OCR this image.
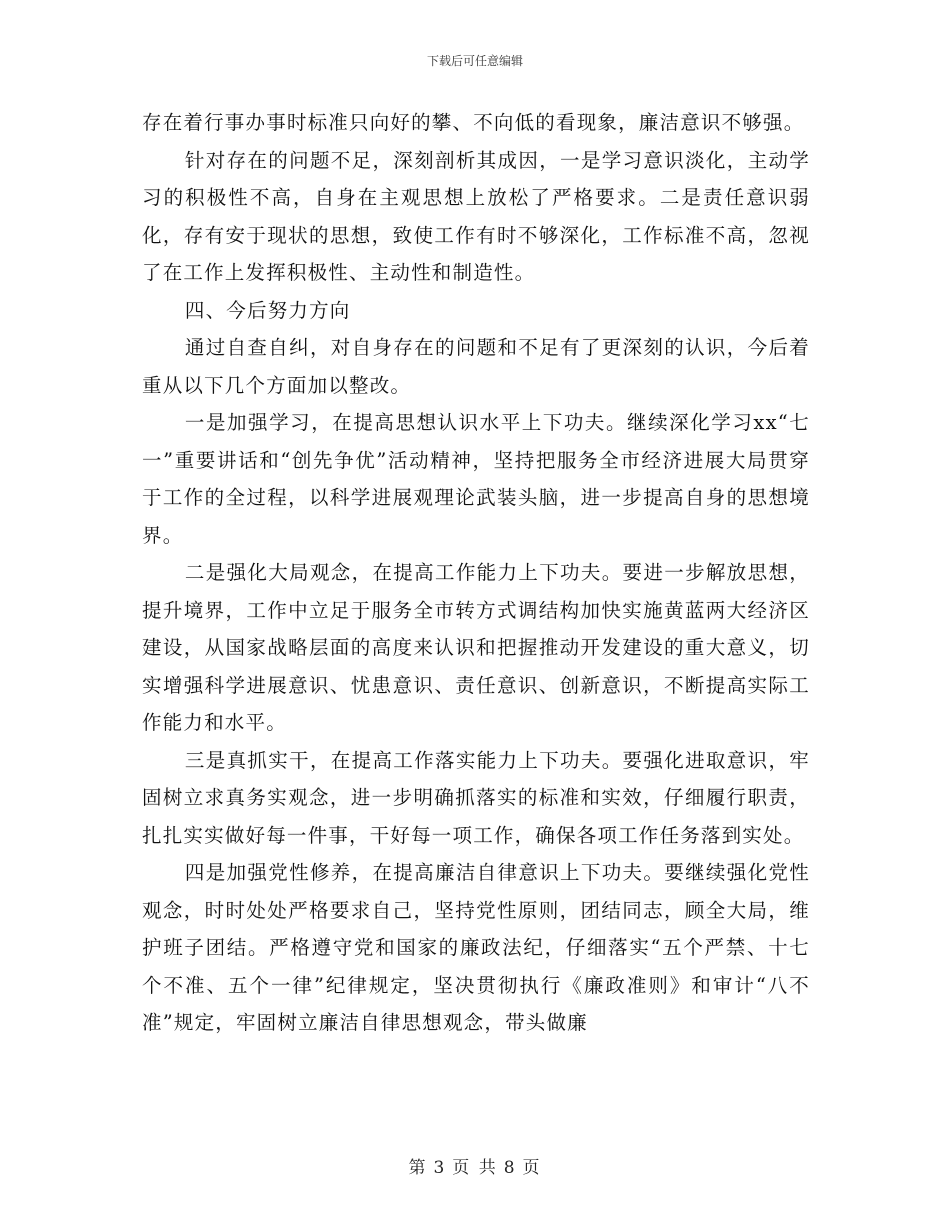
下载后可任意编辑

存在着行事办事时标准只向好的攀、不向低的看现象，廉洁意识不够强。

针对存在的问题不足，深刻剖析其成因，一是学习意识淡化，主动学习的积极性不高，自身在主观思想上放松了严格要求。二是责任意识弱化，存有安于现状的思想，致使工作有时不够深化，工作标准不高，忽视了在工作上发挥积极性、主动性和制造性。

四、今后努力方向

通过自查自纠，对自身存在的问题和不足有了更深刻的认识，今后着重从以下几个方面加以整改。

一是加强学习，在提高思想认识水平上下功夫。继续深化学习xx“七一”重要讲话和“创先争优”活动精神，坚持把服务全市经济进展大局贯穿于工作的全过程，以科学进展观理论武装头脑，进一步提高自身的思想境界。

二是强化大局观念，在提高工作能力上下功夫。要进一步解放思想，提升境界，工作中立足于服务全市转方式调结构加快实施黄蓝两大经济区建设，从国家战略层面的高度来认识和把握推动开发建设的重大意义，切实增强科学进展意识、忧患意识、责任意识、创新意识，不断提高实际工作能力和水平。

三是真抓实干，在提高工作落实能力上下功夫。要强化进取意识，牢固树立求真务实观念，进一步明确抓落实的标准和实效，仔细履行职责，扎扎实实做好每一件事，干好每一项工作，确保各项工作任务落到实处。

四是加强党性修养，在提高廉洁自律意识上下功夫。要继续强化党性观念，时时处处严格要求自己，坚持党性原则，团结同志，顾全大局，维护班子团结。严格遵守党和国家的廉政法纪，仔细落实“五个严禁、十七个不准、五个一律”纪律规定，坚决贯彻执行《廉政准则》和审计“八不准”规定，牢固树立廉洁自律思想观念，带头做廉

第 3 页 共 8 页
